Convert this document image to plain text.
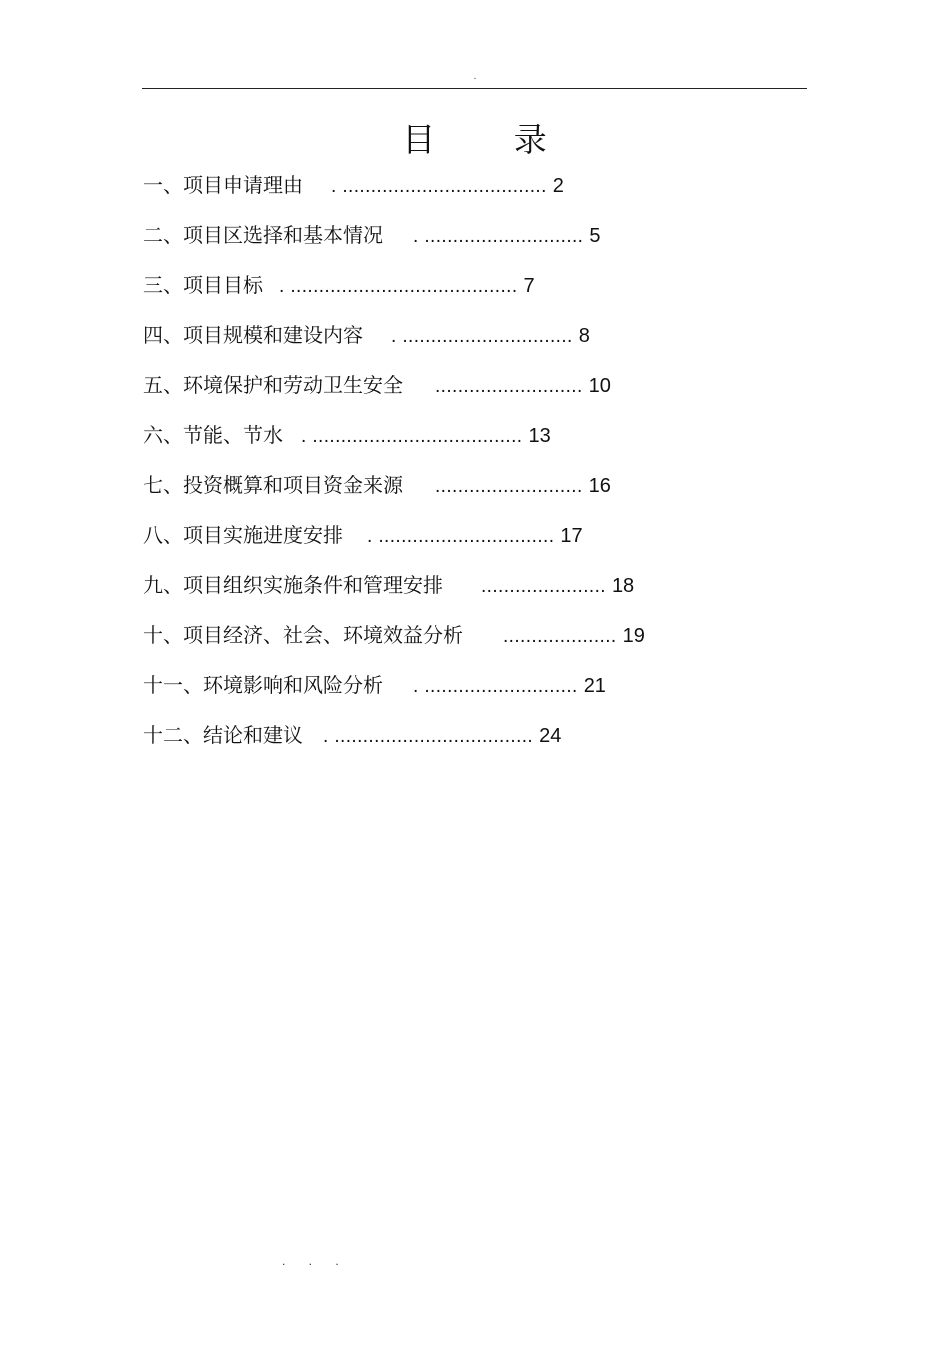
.
目 录
一、项目申请理由 . .................................... 2
二、项目区选择和基本情况 . ............................ 5
三、项目目标 . ........................................ 7
四、项目规模和建设内容 . .............................. 8
五、环境保护和劳动卫生安全 .......................... 10
六、节能、节水 . ..................................... 13
七、投资概算和项目资金来源 .......................... 16
八、项目实施进度安排 . ............................... 17
九、项目组织实施条件和管理安排 ...................... 18
十、项目经济、社会、环境效益分析 .................... 19
十一、环境影响和风险分析 . ........................... 21
十二、结论和建议 . ................................... 24
. . .
